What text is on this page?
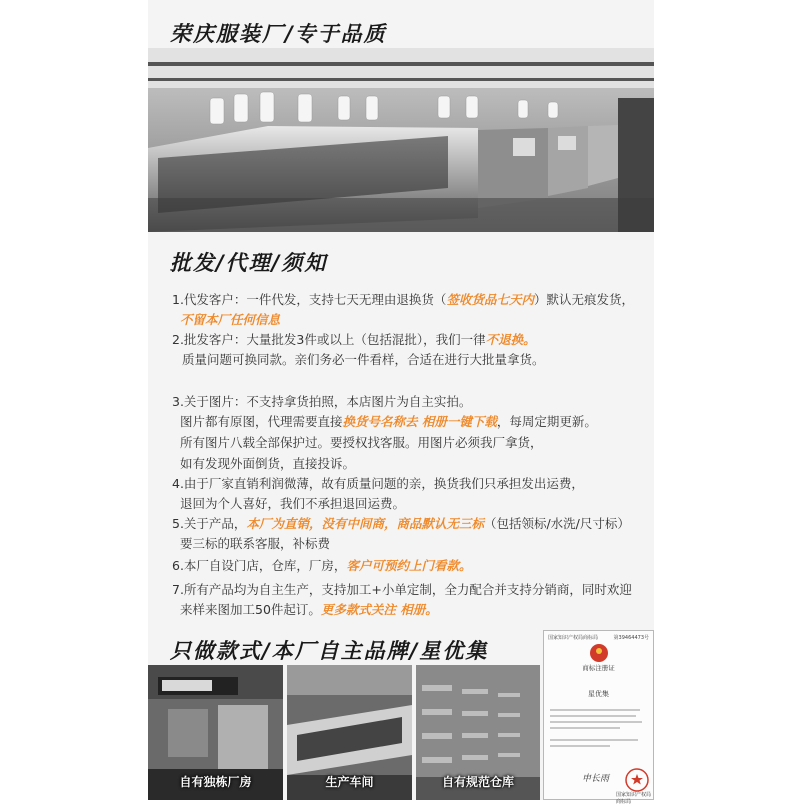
荣庆服装厂/专于品质
批发/代理/须知
1.代发客户：一件代发，支持七天无理由退换货（签收货品七天内）默认无痕发货，
不留本厂任何信息
2.批发客户：大量批发3件或以上（包括混批），我们一律不退换。
质量问题可换同款。亲们务必一件看样，合适在进行大批量拿货。
3.关于图片：不支持拿货拍照，本店图片为自主实拍。
图片都有原图，代理需要直接换货号名称去 相册一键下载，每周定期更新。
所有图片八载全部保护过。要授权找客服。用图片必须我厂拿货，
如有发现外面倒货，直接投诉。
4.由于厂家直销利润微薄，故有质量问题的亲，换货我们只承担发出运费，
退回为个人喜好，我们不承担退回运费。
5.关于产品，本厂为直销，没有中间商，商品默认无三标（包括领标/水洗/尺寸标）
要三标的联系客服，补标费
6.本厂自设门店，仓库，厂房，客户可预约上门看款。
7.所有产品均为自主生产，支持加工+小单定制，全力配合并支持分销商，同时欢迎
来样来图加工50件起订。更多款式关注 相册。
只做款式/本厂自主品牌/星优集
自有独栋厂房	生产车间	自有规范仓库
国家知识产权局商标局	第39464473号
商标注册证
星优集
申长雨
国家知识产权局商标局
